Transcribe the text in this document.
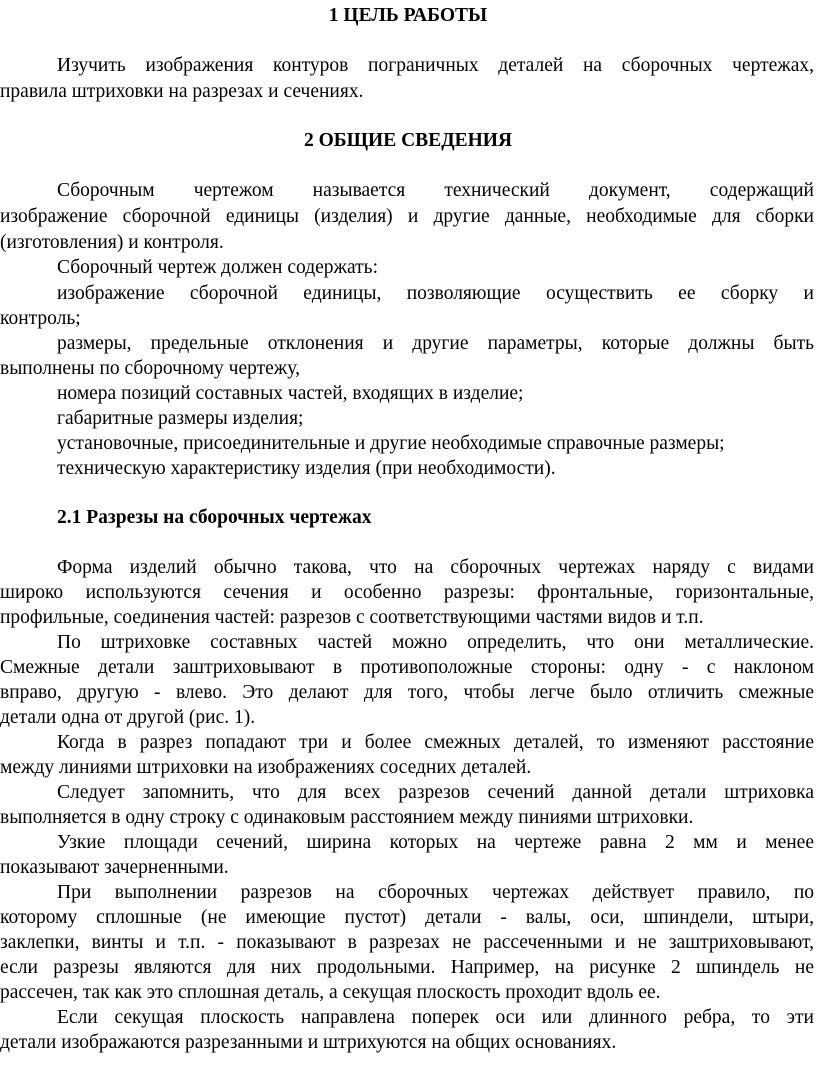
1 ЦЕЛЬ РАБОТЫ
Изучить изображения контуров пограничных деталей на сборочных чертежах,
правила штриховки на разрезах и сечениях.
2 ОБЩИЕ СВЕДЕНИЯ
Сборочным чертежом называется технический документ, содержащий
изображение сборочной единицы (изделия) и другие данные, необходимые для сборки
(изготовления) и контроля.
Сборочный чертеж должен содержать:
изображение сборочной единицы, позволяющие осуществить ее сборку и
контроль;
размеры, предельные отклонения и другие параметры, которые должны быть
выполнены по сборочному чертежу,
номера позиций составных частей, входящих в изделие;
габаритные размеры изделия;
установочные, присоединительные и другие необходимые справочные размеры;
техническую характеристику изделия (при необходимости).
2.1 Разрезы на сборочных чертежах
Форма изделий обычно такова, что на сборочных чертежах наряду с видами
широко используются сечения и особенно разрезы: фронтальные, горизонтальные,
профильные, соединения частей: разрезов с соответствующими частями видов и т.п.
По штриховке составных частей можно определить, что они металлические.
Смежные детали заштриховывают в противоположные стороны: одну - с наклоном
вправо, другую - влево. Это делают для того, чтобы легче было отличить смежные
детали одна от другой (рис. 1).
Когда в разрез попадают три и более смежных деталей, то изменяют расстояние
между линиями штриховки на изображениях соседних деталей.
Следует запомнить, что для всех разрезов сечений данной детали штриховка
выполняется в одну строку с одинаковым расстоянием между пиниями штриховки.
Узкие площади сечений, ширина которых на чертеже равна 2 мм и менее
показывают зачерненными.
При выполнении разрезов на сборочных чертежах действует правило, по
которому сплошные (не имеющие пустот) детали - валы, оси, шпиндели, штыри,
заклепки, винты и т.п. - показывают в разрезах не рассеченными и не заштриховывают,
если разрезы являются для них продольными. Например, на рисунке 2 шпиндель не
рассечен, так как это сплошная деталь, а секущая плоскость проходит вдоль ее.
Если секущая плоскость направлена поперек оси или длинного ребра, то эти
детали изображаются разрезанными и штрихуются на общих основаниях.
